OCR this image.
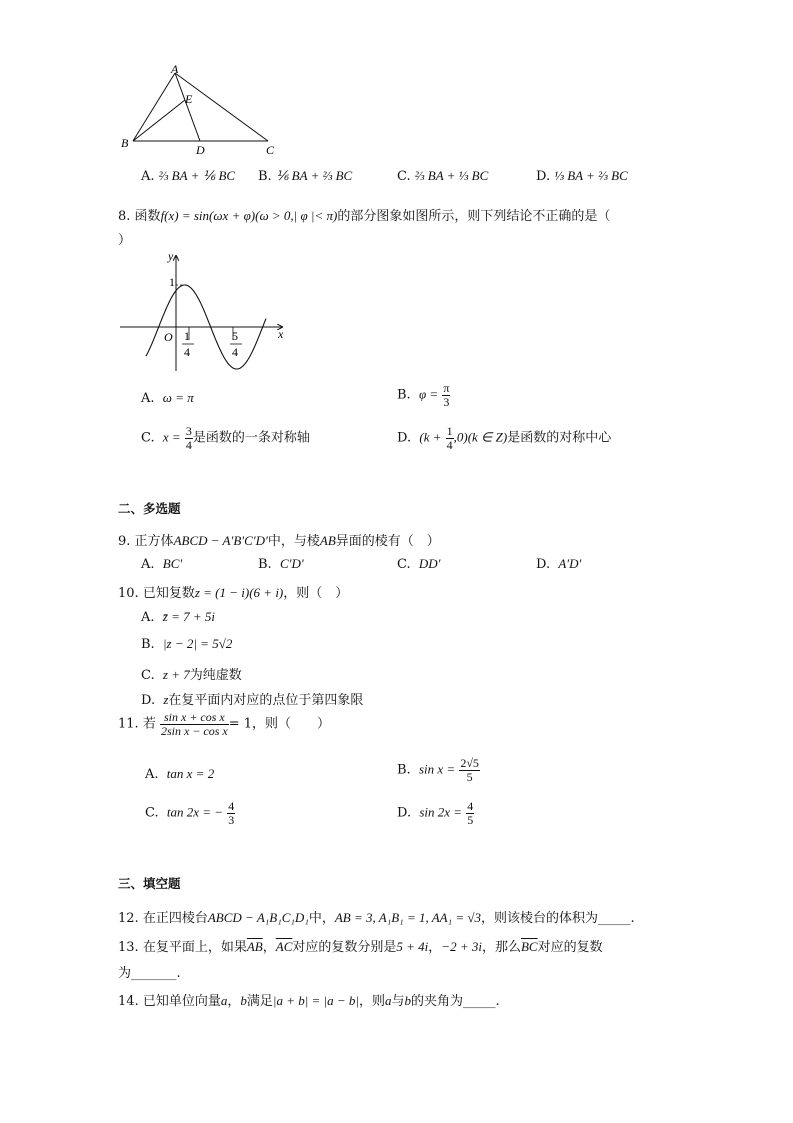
A
E
B	D	C
A. ⅔ BA + ⅙ BC B. ⅙ BA + ⅔ BC	C. ⅔ BA + ⅓ BC	D. ⅓ BA + ⅔ BC
8. 函数f(x) = sin(ωx + φ)(ω > 0,| φ |< π)的部分图象如图所示，则下列结论不正确的是（
）
y
x
1
O 1
4
5
4
A. ω = π	B. $\varphi = \frac{\pi}{3}$
C. $x = \frac{3}{4}$ 是函数的一条对称轴	D. $(k + \frac{1}{4} ,0)(k$ ∈ Z)是函数的对称中心
二、多选题
9. 正方体ABCD − A′B′C′D′中，与棱AB异面的棱有（　）
A. BC′	B. C′D′	C. DD′	D. A′D′
10. 已知复数z = (1 − i)(6 + i)，则（　）
A. z̄ = 7 + 5i
B. |z − 2| = 5√2
C. z + 7为纯虚数
D. z在复平面内对应的点位于第四象限
11. 若 $\frac{\text{sin x + cos x}}{\text{2sin x − cos x}} = 1$，则（　　）
A. tan x = 2	B. $\sin x = \frac{2√5}{5}$
C. tan 2x = − $\frac{4}{3}$	D. $\sin 2x = \frac{4}{5}$
三、填空题
12. 在正四棱台ABCD − A₁B₁C₁D₁中，AB = 3, A₁B₁ = 1, AA₁ = √3，则该棱台的体积为_____.
13. 在复平面上，如果$\overline{AB}$，$\overline{AC}$对应的复数分别是5 + 4i，−2 + 3i，那么$\overline{BC}$对应的复数
为_______.
14. 已知单位向量a，b满足|a + b| = |a − b|，则a与b的夹角为_____.
